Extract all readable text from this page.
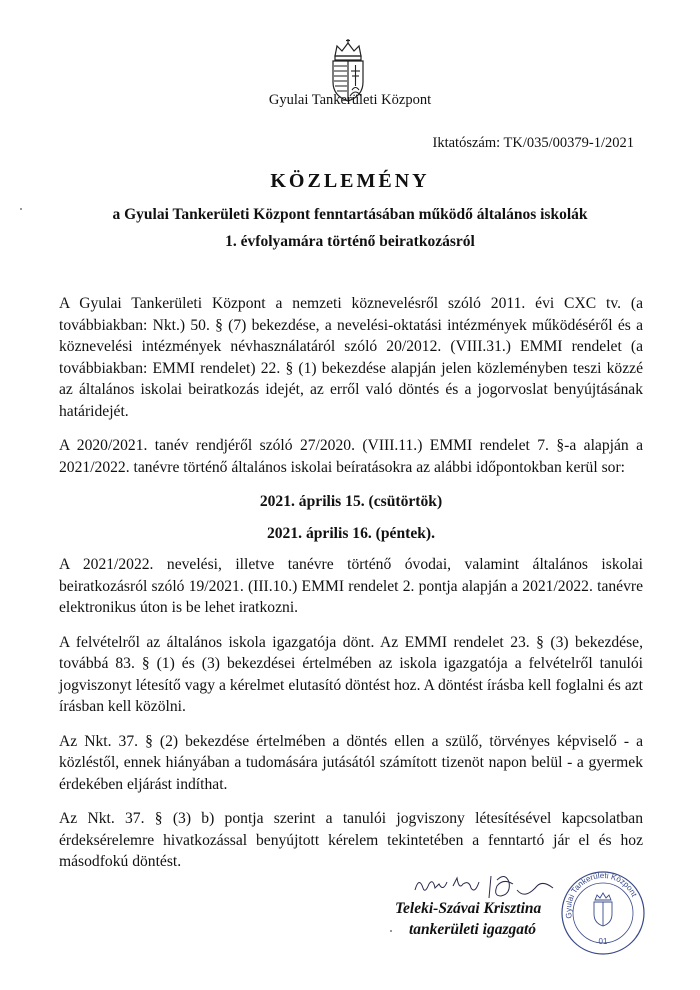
Gyulai Tankerületi Központ
Iktatószám: TK/035/00379-1/2021
KÖZLEMÉNY
a Gyulai Tankerületi Központ fenntartásában működő általános iskolák
1. évfolyamára történő beiratkozásról

A Gyulai Tankerületi Központ a nemzeti köznevelésről szóló 2011. évi CXC tv. (a továbbiakban: Nkt.) 50. § (7) bekezdése, a nevelési-oktatási intézmények működéséről és a köznevelési intézmények névhasználatáról szóló 20/2012. (VIII.31.) EMMI rendelet (a továbbiakban: EMMI rendelet) 22. § (1) bekezdése alapján jelen közleményben teszi közzé az általános iskolai beiratkozás idejét, az erről való döntés és a jogorvoslat benyújtásának határidejét.

A 2020/2021. tanév rendjéről szóló 27/2020. (VIII.11.) EMMI rendelet 7. §-a alapján a 2021/2022. tanévre történő általános iskolai beíratásokra az alábbi időpontokban kerül sor:

2021. április 15. (csütörtök)

2021. április 16. (péntek).

A 2021/2022. nevelési, illetve tanévre történő óvodai, valamint általános iskolai beiratkozásról szóló 19/2021. (III.10.) EMMI rendelet 2. pontja alapján a 2021/2022. tanévre elektronikus úton is be lehet iratkozni.

A felvételről az általános iskola igazgatója dönt. Az EMMI rendelet 23. § (3) bekezdése, továbbá 83. § (1) és (3) bekezdései értelmében az iskola igazgatója a felvételről tanulói jogviszonyt létesítő vagy a kérelmet elutasító döntést hoz. A döntést írásba kell foglalni és azt írásban kell közölni.

Az Nkt. 37. § (2) bekezdése értelmében a döntés ellen a szülő, törvényes képviselő - a közléstől, ennek hiányában a tudomására jutásától számított tizenöt napon belül - a gyermek érdekében eljárást indíthat.

Az Nkt. 37. § (3) b) pontja szerint a tanulói jogviszony létesítésével kapcsolatban érdeksérelemre hivatkozással benyújtott kérelem tekintetében a fenntartó jár el és hoz másodfokú döntést.

Teleki-Szávai Krisztina
tankerületi igazgató
Gyulai Tankerületi Központ
01
